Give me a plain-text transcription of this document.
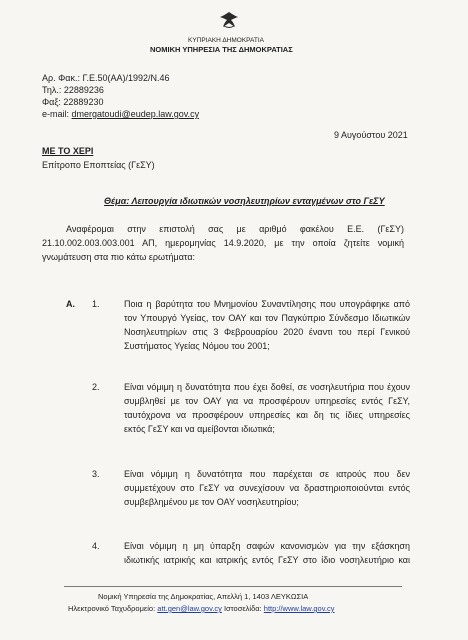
ΚΥΠΡΙΑΚΗ ΔΗΜΟΚΡΑΤΙΑ
ΝΟΜΙΚΗ ΥΠΗΡΕΣΙΑ ΤΗΣ ΔΗΜΟΚΡΑΤΙΑΣ
Αρ. Φακ.: Γ.Ε.50(ΑΑ)/1992/Ν.46
Τηλ.: 22889236
Φαξ: 22889230
e-mail: dmergatoudi@eudep.law.gov.cy
9 Αυγούστου 2021
ΜΕ ΤΟ ΧΕΡΙ
Επίτροπο Εποπτείας (ΓεΣΥ)
Θέμα: Λειτουργία ιδιωτικών νοσηλευτηρίων ενταγμένων στο ΓεΣΥ
Αναφέρομαι στην επιστολή σας με αριθμό φακέλου Ε.Ε. (ΓεΣΥ)
21.10.002.003.003.001 ΑΠ, ημερομηνίας 14.9.2020, με την οποία ζητείτε νομική
γνωμάτευση στα πιο κάτω ερωτήματα:
Α. 1.	Ποια η βαρύτητα του Μνημονίου Συναντίλησης που υπογράφηκε από
τον Υπουργό Υγείας, τον ΟΑΥ και τον Παγκύπριο Σύνδεσμο Ιδιωτικών
Νοσηλευτηρίων στις 3 Φεβρουαρίου 2020 έναντι του περί Γενικού
Συστήματος Υγείας Νόμου του 2001;
2.	Είναι νόμιμη η δυνατότητα που έχει δοθεί, σε νοσηλευτήρια που έχουν
συμβληθεί με τον ΟΑΥ για να προσφέρουν υπηρεσίες εντός ΓεΣΥ,
ταυτόχρονα να προσφέρουν υπηρεσίες και δη τις ίδιες υπηρεσίες
εκτός ΓεΣΥ και να αμείβονται ιδιωτικά;
3.	Είναι νόμιμη η δυνατότητα που παρέχεται σε ιατρούς που δεν
συμμετέχουν στο ΓεΣΥ να συνεχίσουν να δραστηριοποιούνται εντός
συμβεβλημένου με τον ΟΑΥ νοσηλευτηρίου;
4.	Είναι νόμιμη η μη ύπαρξη σαφών κανονισμών για την εξάσκηση
ιδιωτικής ιατρικής και ιατρικής εντός ΓεΣΥ στο ίδιο νοσηλευτήριο και
Νομική Υπηρεσία της Δημοκρατίας, Απελλή 1, 1403 ΛΕΥΚΩΣΙΑ
Ηλεκτρονικό Ταχυδρομείο: att.gen@law.gov.cy Ιστοσελίδα: http://www.law.gov.cy
